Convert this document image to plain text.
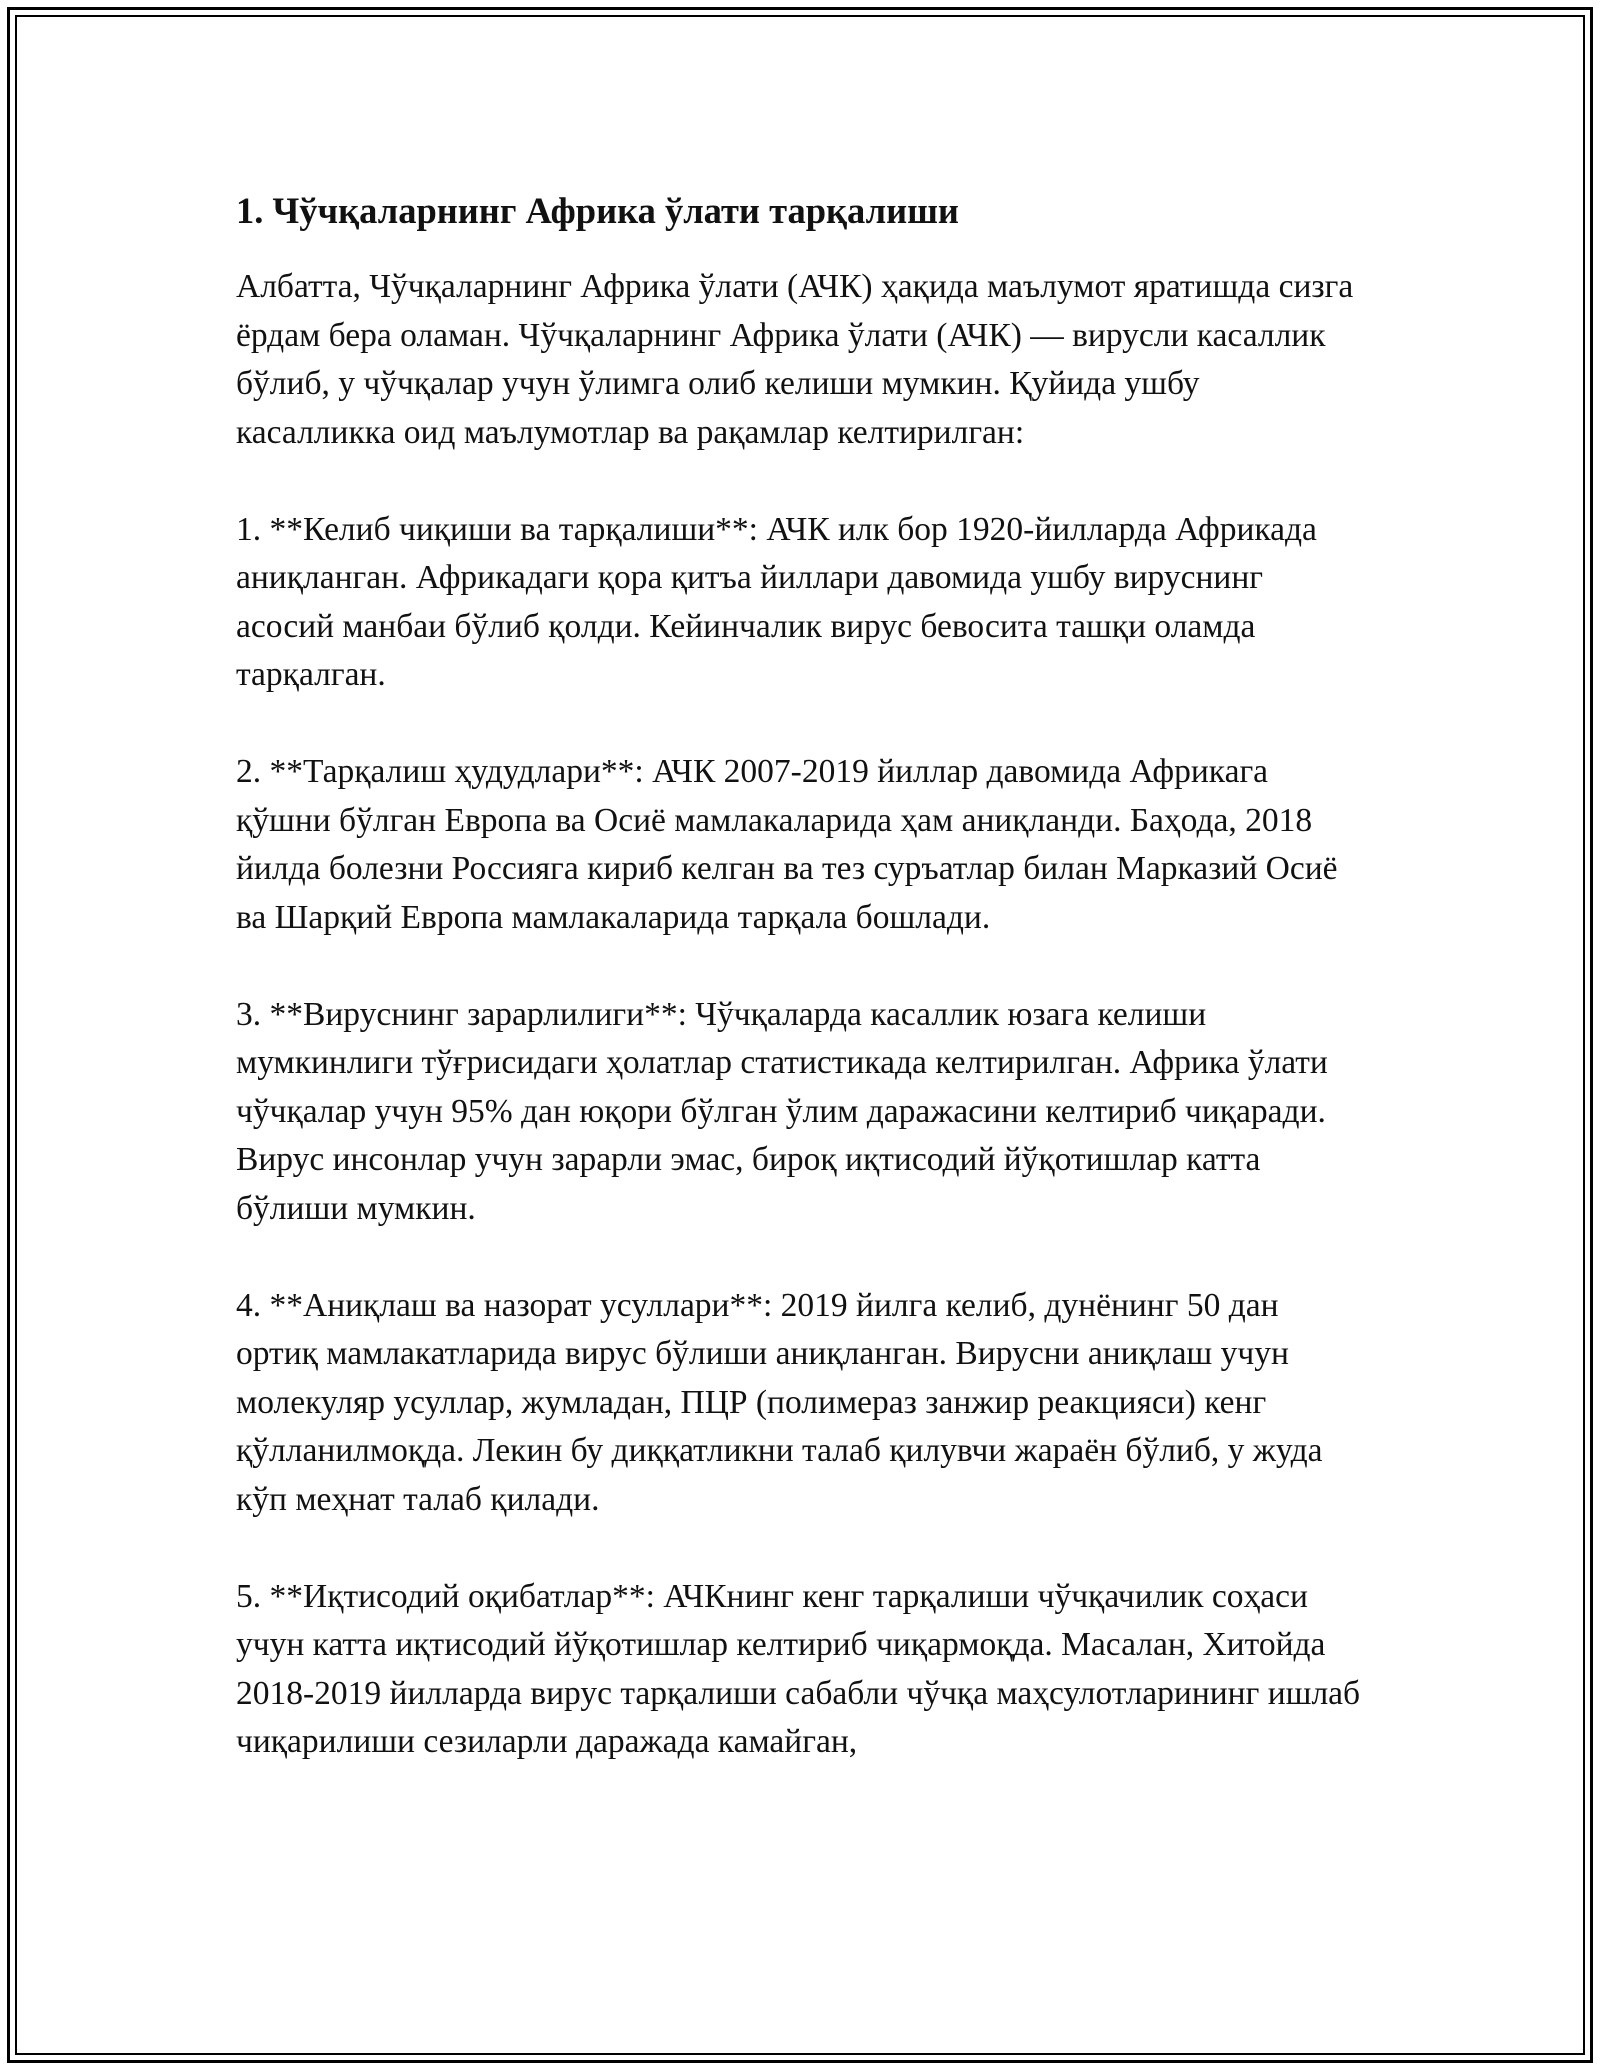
1. Чўчқаларнинг Африка ўлати тарқалиши

Албатта, Чўчқаларнинг Африка ўлати (АЧК) ҳақида маълумот яратишда сизга ёрдам бера оламан. Чўчқаларнинг Африка ўлати (АЧК) — вирусли касаллик бўлиб, у чўчқалар учун ўлимга олиб келиши мумкин. Қуйида ушбу касалликка оид маълумотлар ва рақамлар келтирилган:

1. **Келиб чиқиши ва тарқалиши**: АЧК илк бор 1920-йилларда Африкада аниқланган. Африкадаги қора қитъа йиллари давомида ушбу вируснинг асосий манбаи бўлиб қолди. Кейинчалик вирус бевосита ташқи оламда тарқалган.

2. **Тарқалиш ҳудудлари**: АЧК 2007-2019 йиллар давомида Африкага қўшни бўлган Европа ва Осиё мамлакаларида ҳам аниқланди. Баҳода, 2018 йилда болезни Россияга кириб келган ва тез суръатлар билан Марказий Осиё ва Шарқий Европа мамлакаларида тарқала бошлади.

3. **Вируснинг зарарлилиги**: Чўчқаларда касаллик юзага келиши мумкинлиги тўғрисидаги ҳолатлар статистикада келтирилган. Африка ўлати чўчқалар учун 95% дан юқори бўлган ўлим даражасини келтириб чиқаради. Вирус инсонлар учун зарарли эмас, бироқ иқтисодий йўқотишлар катта бўлиши мумкин.

4. **Аниқлаш ва назорат усуллари**: 2019 йилга келиб, дунёнинг 50 дан ортиқ мамлакатларида вирус бўлиши аниқланган. Вирусни аниқлаш учун молекуляр усуллар, жумладан, ПЦР (полимераз занжир реакцияси) кенг қўлланилмоқда. Лекин бу диққатликни талаб қилувчи жараён бўлиб, у жуда кўп меҳнат талаб қилади.

5. **Иқтисодий оқибатлар**: АЧКнинг кенг тарқалиши чўчқачилик соҳаси учун катта иқтисодий йўқотишлар келтириб чиқармоқда. Масалан, Хитойда 2018-2019 йилларда вирус тарқалиши сабабли чўчқа маҳсулотларининг ишлаб чиқарилиши сезиларли даражада камайган,
